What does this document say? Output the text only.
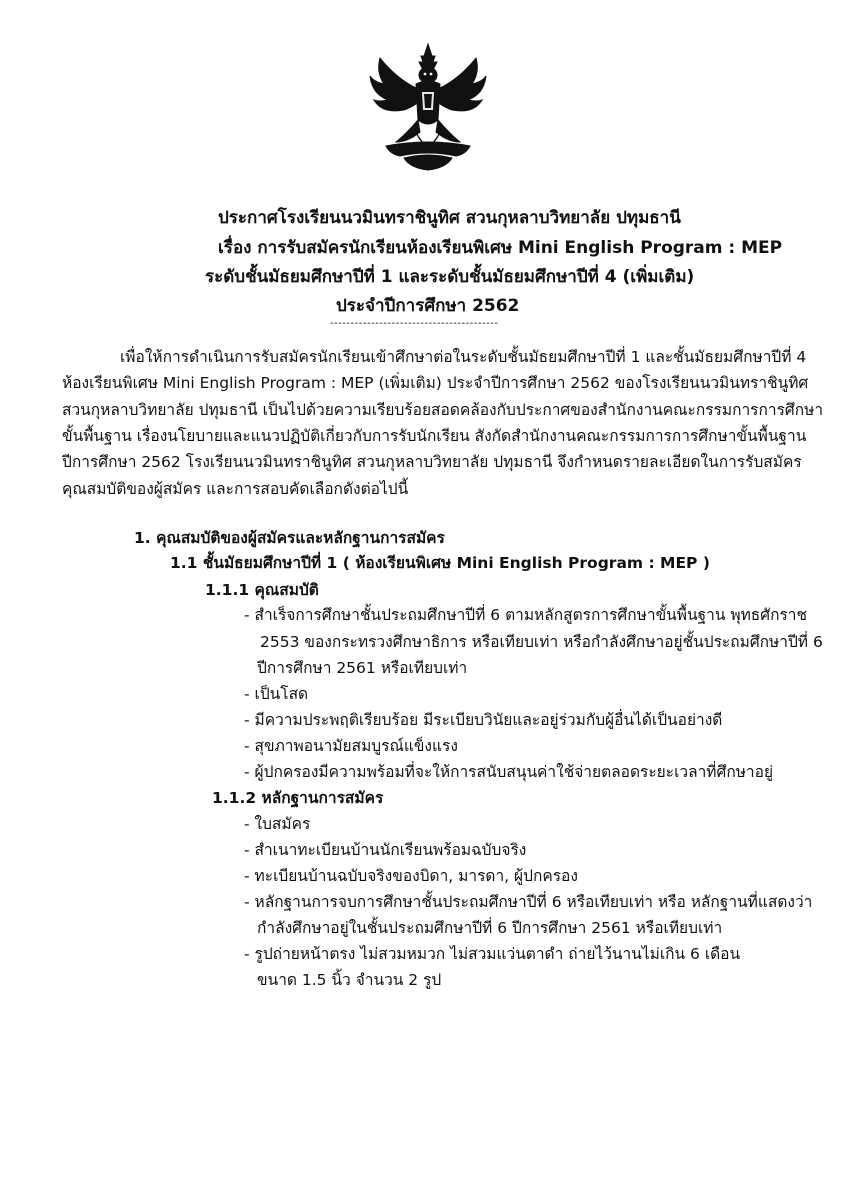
ประกาศโรงเรียนนวมินทราชินูทิศ สวนกุหลาบวิทยาลัย ปทุมธานี
เรื่อง การรับสมัครนักเรียนห้องเรียนพิเศษ Mini English Program : MEP
ระดับชั้นมัธยมศึกษาปีที่ 1 และระดับชั้นมัธยมศึกษาปีที่ 4 (เพิ่มเติม)
ประจำปีการศึกษา 2562
-----------------------------------------
เพื่อให้การดำเนินการรับสมัครนักเรียนเข้าศึกษาต่อในระดับชั้นมัธยมศึกษาปีที่ 1 และชั้นมัธยมศึกษาปีที่ 4
ห้องเรียนพิเศษ Mini English Program : MEP (เพิ่มเติม) ประจำปีการศึกษา 2562 ของโรงเรียนนวมินทราชินูทิศ
สวนกุหลาบวิทยาลัย ปทุมธานี เป็นไปด้วยความเรียบร้อยสอดคล้องกับประกาศของสำนักงานคณะกรรมการการศึกษา
ขั้นพื้นฐาน เรื่องนโยบายและแนวปฏิบัติเกี่ยวกับการรับนักเรียน สังกัดสำนักงานคณะกรรมการการศึกษาขั้นพื้นฐาน
ปีการศึกษา 2562 โรงเรียนนวมินทราชินูทิศ สวนกุหลาบวิทยาลัย ปทุมธานี จึงกำหนดรายละเอียดในการรับสมัคร
คุณสมบัติของผู้สมัคร และการสอบคัดเลือกดังต่อไปนี้
1. คุณสมบัติของผู้สมัครและหลักฐานการสมัคร
1.1 ชั้นมัธยมศึกษาปีที่ 1 ( ห้องเรียนพิเศษ Mini English Program : MEP )
1.1.1 คุณสมบัติ
- สำเร็จการศึกษาชั้นประถมศึกษาปีที่ 6 ตามหลักสูตรการศึกษาขั้นพื้นฐาน พุทธศักราช
2553 ของกระทรวงศึกษาธิการ หรือเทียบเท่า หรือกำลังศึกษาอยู่ชั้นประถมศึกษาปีที่ 6
ปีการศึกษา 2561 หรือเทียบเท่า
- เป็นโสด
- มีความประพฤติเรียบร้อย มีระเบียบวินัยและอยู่ร่วมกับผู้อื่นได้เป็นอย่างดี
- สุขภาพอนามัยสมบูรณ์แข็งแรง
- ผู้ปกครองมีความพร้อมที่จะให้การสนับสนุนค่าใช้จ่ายตลอดระยะเวลาที่ศึกษาอยู่
1.1.2 หลักฐานการสมัคร
- ใบสมัคร
- สำเนาทะเบียนบ้านนักเรียนพร้อมฉบับจริง
- ทะเบียนบ้านฉบับจริงของบิดา, มารดา, ผู้ปกครอง
- หลักฐานการจบการศึกษาชั้นประถมศึกษาปีที่ 6 หรือเทียบเท่า หรือ หลักฐานที่แสดงว่า
กำลังศึกษาอยู่ในชั้นประถมศึกษาปีที่ 6 ปีการศึกษา 2561 หรือเทียบเท่า
- รูปถ่ายหน้าตรง ไม่สวมหมวก ไม่สวมแว่นตาดำ ถ่ายไว้นานไม่เกิน 6 เดือน
ขนาด 1.5 นิ้ว จำนวน 2 รูป
